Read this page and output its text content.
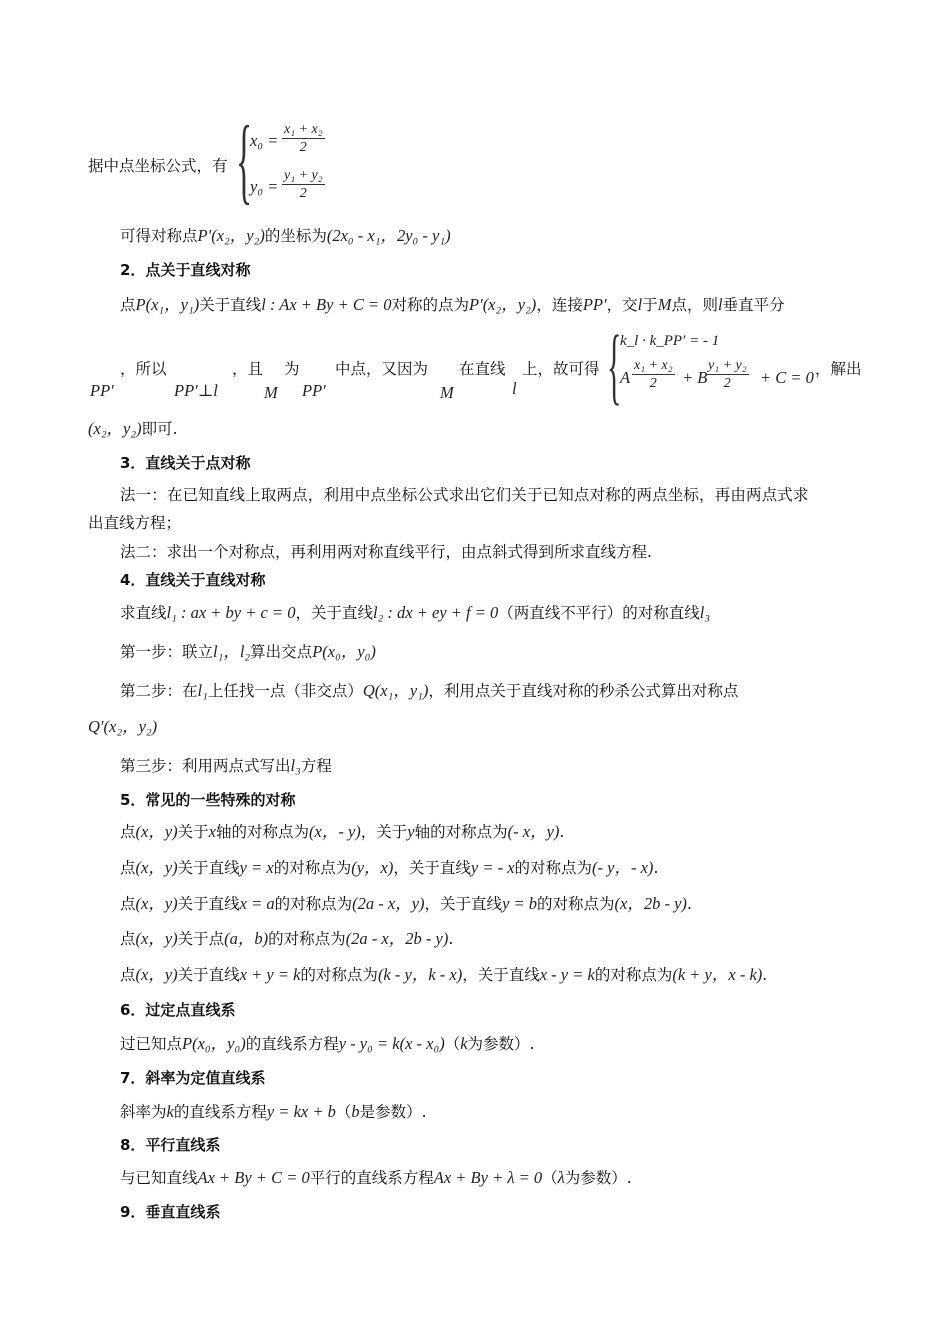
据中点坐标公式，有 {
$x_0 = \frac{\text{x₁ + x₂}}{2}$
$y_0 = \frac{\text{y₁ + y₂}}{2}$
可得对称点P′(x₂，y₂)的坐标为(2x₀ - x₁，2y₀ - y₁)
2．点关于直线对称
点P(x₁，y₁)关于直线l : Ax + By + C = 0对称的点为P′(x₂，y₂)，连接PP′，交l于M点，则l垂直平分
，所以	，且 为 中点，又因为 在直线 上，故可得
PP′	PP′⊥l	M PP′	M	l {
k_l · k_PP′ = - 1
A $\frac{\text{x₁ + x₂}}{2} + B$
$\frac{\text{y₁ + y₂}}{2} + C = 0$ ，解出
(x₂，y₂)即可.
3．直线关于点对称
法一：在已知直线上取两点，利用中点坐标公式求出它们关于已知点对称的两点坐标，再由两点式求
出直线方程；
法二：求出一个对称点，再利用两对称直线平行，由点斜式得到所求直线方程.
4．直线关于直线对称
求直线l₁ : ax + by + c = 0，关于直线l₂ : dx + ey + f = 0（两直线不平行）的对称直线l₃
第一步：联立l₁，l₂算出交点P(x₀，y₀)
第二步：在l₁上任找一点（非交点）Q(x₁，y₁)，利用点关于直线对称的秒杀公式算出对称点
Q′(x₂，y₂)
第三步：利用两点式写出l₃方程
5．常见的一些特殊的对称
点(x，y)关于x轴的对称点为(x，- y)，关于y轴的对称点为(- x，y).
点(x，y)关于直线y = x的对称点为(y，x)，关于直线y = - x的对称点为(- y，- x).
点(x，y)关于直线x = a的对称点为(2a - x，y)，关于直线y = b的对称点为(x，2b - y).
点(x，y)关于点(a，b)的对称点为(2a - x，2b - y).
点(x，y)关于直线x + y = k的对称点为(k - y，k - x)，关于直线x - y = k的对称点为(k + y，x - k).
6．过定点直线系
过已知点P(x₀，y₀)的直线系方程y - y₀ = k(x - x₀)（k为参数）.
7．斜率为定值直线系
斜率为k的直线系方程y = kx + b（b是参数）.
8．平行直线系
与已知直线Ax + By + C = 0平行的直线系方程Ax + By + λ = 0（λ为参数）.
9．垂直直线系
